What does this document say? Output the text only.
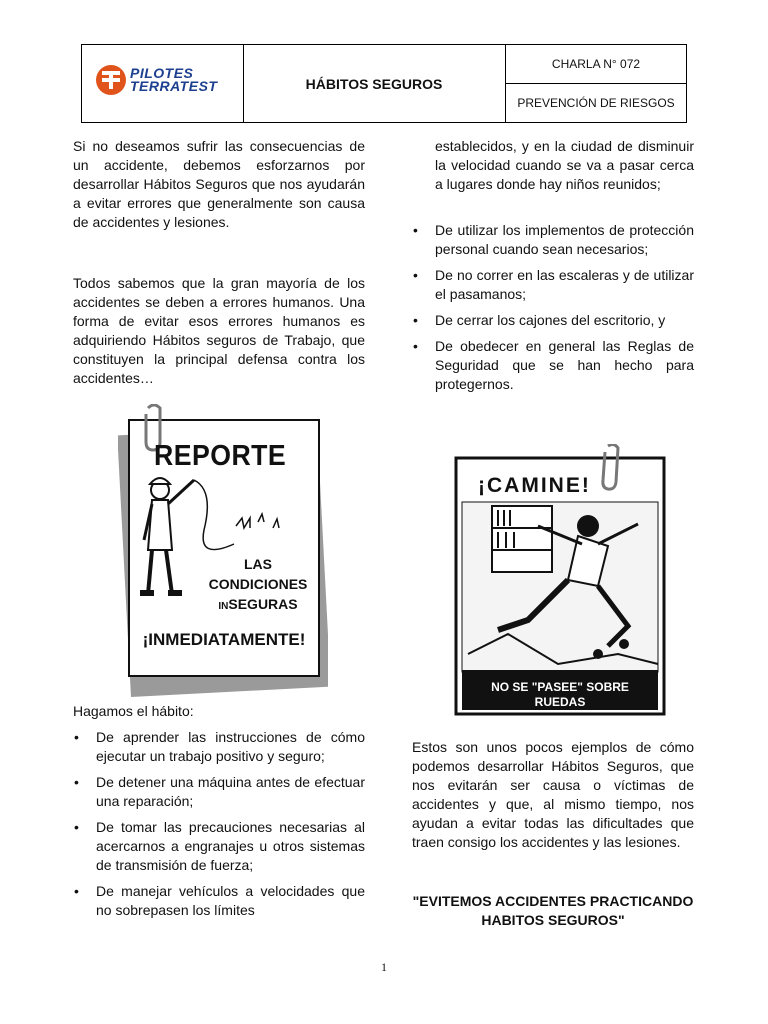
PILOTES
TERRATEST	HÁBITOS SEGUROS
CHARLA N° 072
PREVENCIÓN DE RIESGOS
Si no deseamos sufrir las consecuencias de un accidente, debemos esforzarnos por desarrollar Hábitos Seguros que nos ayudarán a evitar errores que generalmente son causa de accidentes y lesiones.
Todos sabemos que la gran mayoría de los accidentes se deben a errores humanos. Una forma de evitar esos errores humanos es adquiriendo Hábitos seguros de Trabajo, que constituyen la principal defensa contra los accidentes…
REPORTE
LAS
CONDICIONES
INSEGURAS
¡INMEDIATAMENTE!
Hagamos el hábito:
• De aprender las instrucciones de cómo ejecutar un trabajo positivo y seguro;
• De detener una máquina antes de efectuar una reparación;
• De tomar las precauciones necesarias al acercarnos a engranajes u otros sistemas de transmisión de fuerza;
• De manejar vehículos a velocidades que no sobrepasen los límites
establecidos, y en la ciudad de disminuir la velocidad cuando se va a pasar cerca a lugares donde hay niños reunidos;
• De utilizar los implementos de protección personal cuando sean necesarios;
• De no correr en las escaleras y de utilizar el pasamanos;
• De cerrar los cajones del escritorio, y
• De obedecer en general las Reglas de Seguridad que se han hecho para protegernos.
¡CAMINE!
NO SE "PASEE" SOBRE
RUEDAS
Estos son unos pocos ejemplos de cómo podemos desarrollar Hábitos Seguros, que nos evitarán ser causa o víctimas de accidentes y que, al mismo tiempo, nos ayudan a evitar todas las dificultades que traen consigo los accidentes y las lesiones.
"EVITEMOS ACCIDENTES PRACTICANDO
HABITOS SEGUROS"
1
